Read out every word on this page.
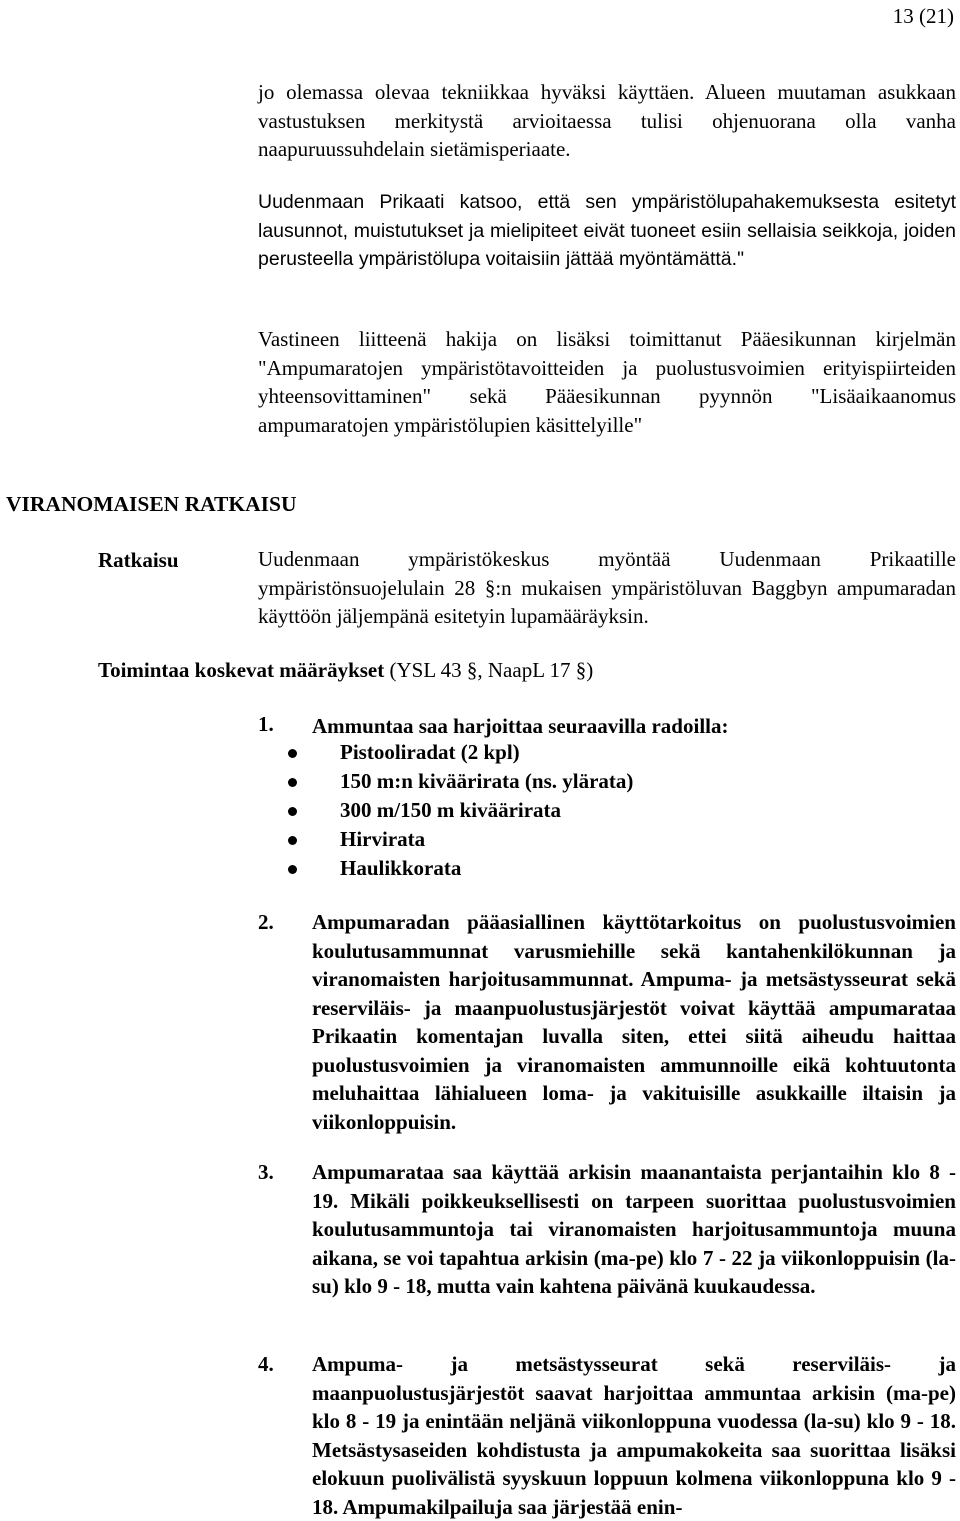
13 (21)

jo olemassa olevaa tekniikkaa hyväksi käyttäen. Alueen muutaman asukkaan vastustuksen merkitystä arvioitaessa tulisi ohjenuorana olla vanha naapuruussuhdelain sietämisperiaate.

Uudenmaan Prikaati katsoo, että sen ympäristölupahakemuksesta esitetyt lausunnot, muistutukset ja mielipiteet eivät tuoneet esiin sellaisia seikkoja, joiden perusteella ympäristölupa voitaisiin jättää myöntämättä."

Vastineen liitteenä hakija on lisäksi toimittanut Pääesikunnan kirjelmän "Ampumaratojen ympäristötavoitteiden ja puolustusvoimien erityispiirteiden yhteensovittaminen" sekä Pääesikunnan pyynnön "Lisäaikaanomus ampumaratojen ympäristölupien käsittelyille"

VIRANOMAISEN RATKAISU
Ratkaisu	Uudenmaan ympäristökeskus myöntää Uudenmaan Prikaatille ympäristönsuojelulain 28 §:n mukaisen ympäristöluvan Baggbyn ampumaradan käyttöön jäljempänä esitetyin lupamääräyksin.

Toimintaa koskevat määräykset (YSL 43 §, NaapL 17 §)
1. Ammuntaa saa harjoittaa seuraavilla radoilla:
Pistooliradat (2 kpl)
150 m:n kiväärirata (ns. ylärata)
300 m/150 m kiväärirata
Hirvirata
Haulikkorata
2. Ampumaradan pääasiallinen käyttötarkoitus on puolustusvoimien koulutusammunnat varusmiehille sekä kantahenkilökunnan ja viranomaisten harjoitusammunnat. Ampuma- ja metsästysseurat sekä reserviläis- ja maanpuolustusjärjestöt voivat käyttää ampumarataa Prikaatin komentajan luvalla siten, ettei siitä aiheudu haittaa puolustusvoimien ja viranomaisten ammunnoille eikä kohtuutonta meluhaittaa lähialueen loma- ja vakituisille asukkaille iltaisin ja viikonloppuisin.

3. Ampumarataa saa käyttää arkisin maanantaista perjantaihin klo 8 - 19. Mikäli poikkeuksellisesti on tarpeen suorittaa puolustusvoimien koulutusammuntoja tai viranomaisten harjoitusammuntoja muuna aikana, se voi tapahtua arkisin (ma-pe) klo 7 - 22 ja viikonloppuisin (la-su) klo 9 - 18, mutta vain kahtena päivänä kuukaudessa.

4. Ampuma- ja metsästysseurat sekä reserviläis- ja maanpuolustusjärjestöt saavat harjoittaa ammuntaa arkisin (ma-pe) klo 8 - 19 ja enintään neljänä viikonloppuna vuodessa (la-su) klo 9 - 18. Metsästysaseiden kohdistusta ja ampumakokeita saa suorittaa lisäksi elokuun puolivälistä syyskuun loppuun kolmena viikonloppuna klo 9 - 18. Ampumakilpailuja saa järjestää enin-
